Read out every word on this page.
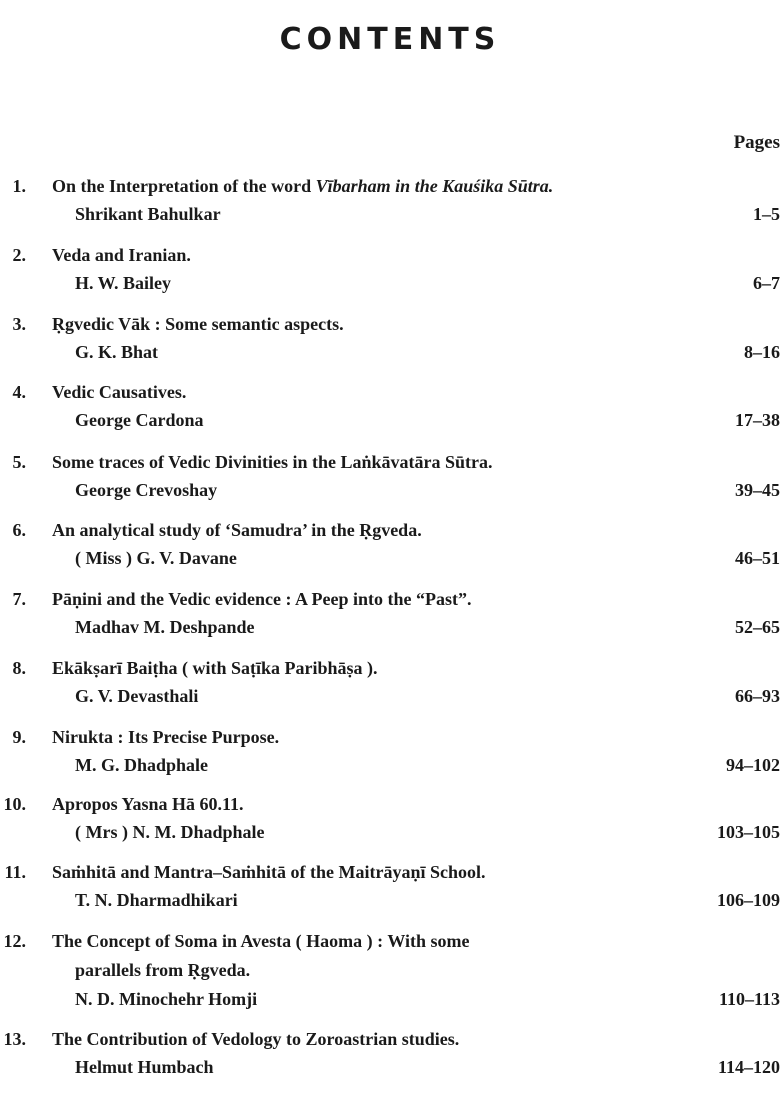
CONTENTS
Pages
1. On the Interpretation of the word Vībarham in the Kauśika Sūtra.
Shrikant Bahulkar	1–5
2. Veda and Iranian.
H. W. Bailey	6–7
3. Ṛgvedic Vāk : Some semantic aspects.
G. K. Bhat	8–16
4. Vedic Causatives.
George Cardona	17–38
5. Some traces of Vedic Divinities in the Laṅkāvatāra Sūtra.
George Crevoshay	39–45
6. An analytical study of ‘Samudra’ in the Ṛgveda.
( Miss ) G. V. Davane	46–51
7. Pāṇini and the Vedic evidence : A Peep into the “Past”.
Madhav M. Deshpande	52–65
8. Ekākṣarī Baiṭha ( with Saṭīka Paribhāṣa ).
G. V. Devasthali	66–93
9. Nirukta : Its Precise Purpose.
M. G. Dhadphale	94–102
10. Apropos Yasna Hā 60.11.
( Mrs ) N. M. Dhadphale	103–105
11. Saṁhitā and Mantra–Saṁhitā of the Maitrāyaṇī School.
T. N. Dharmadhikari	106–109
12. The Concept of Soma in Avesta ( Haoma ) : With some
parallels from Ṛgveda.
N. D. Minochehr Homji	110–113
13. The Contribution of Vedology to Zoroastrian studies.
Helmut Humbach	114–120
